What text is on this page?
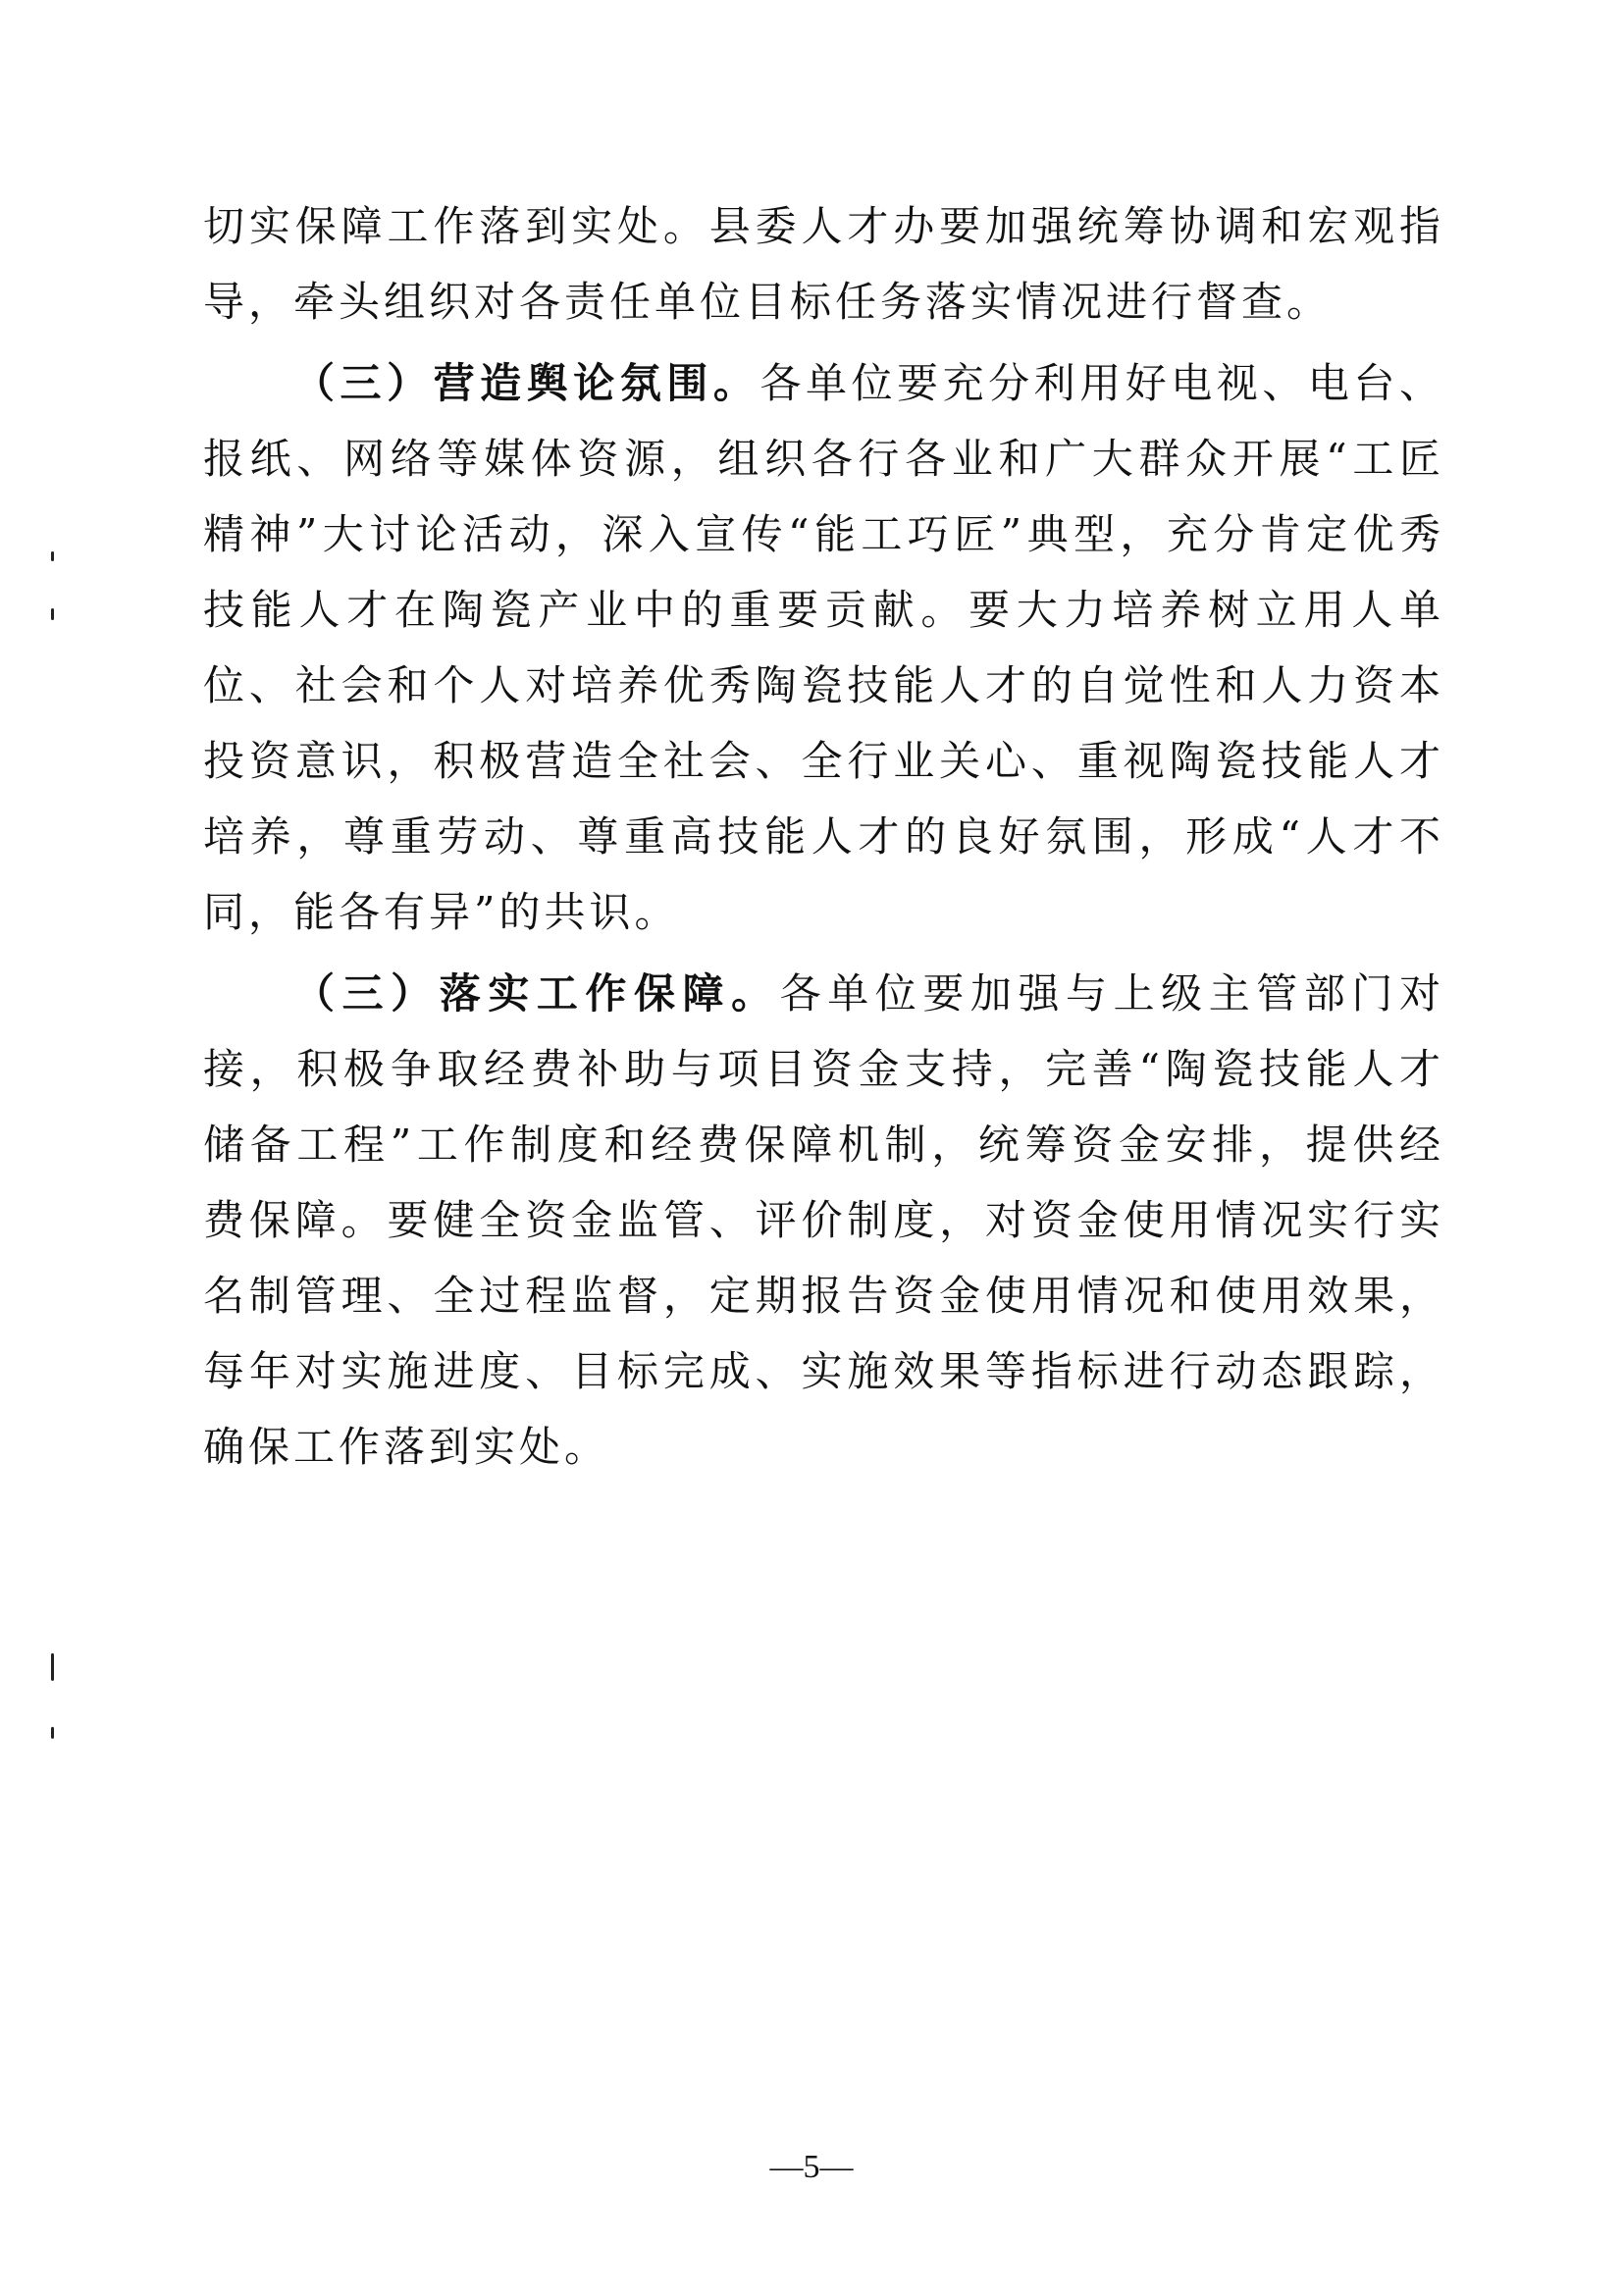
切实保障工作落到实处。县委人才办要加强统筹协调和宏观指导，牵头组织对各责任单位目标任务落实情况进行督查。

（三）营造舆论氛围。各单位要充分利用好电视、电台、报纸、网络等媒体资源，组织各行各业和广大群众开展“工匠精神”大讨论活动，深入宣传“能工巧匠”典型，充分肯定优秀技能人才在陶瓷产业中的重要贡献。要大力培养树立用人单位、社会和个人对培养优秀陶瓷技能人才的自觉性和人力资本投资意识，积极营造全社会、全行业关心、重视陶瓷技能人才培养，尊重劳动、尊重高技能人才的良好氛围，形成“人才不同，能各有异”的共识。

（三）落实工作保障。各单位要加强与上级主管部门对接，积极争取经费补助与项目资金支持，完善“陶瓷技能人才储备工程”工作制度和经费保障机制，统筹资金安排，提供经费保障。要健全资金监管、评价制度，对资金使用情况实行实名制管理、全过程监督，定期报告资金使用情况和使用效果，每年对实施进度、目标完成、实施效果等指标进行动态跟踪，确保工作落到实处。

—5—
